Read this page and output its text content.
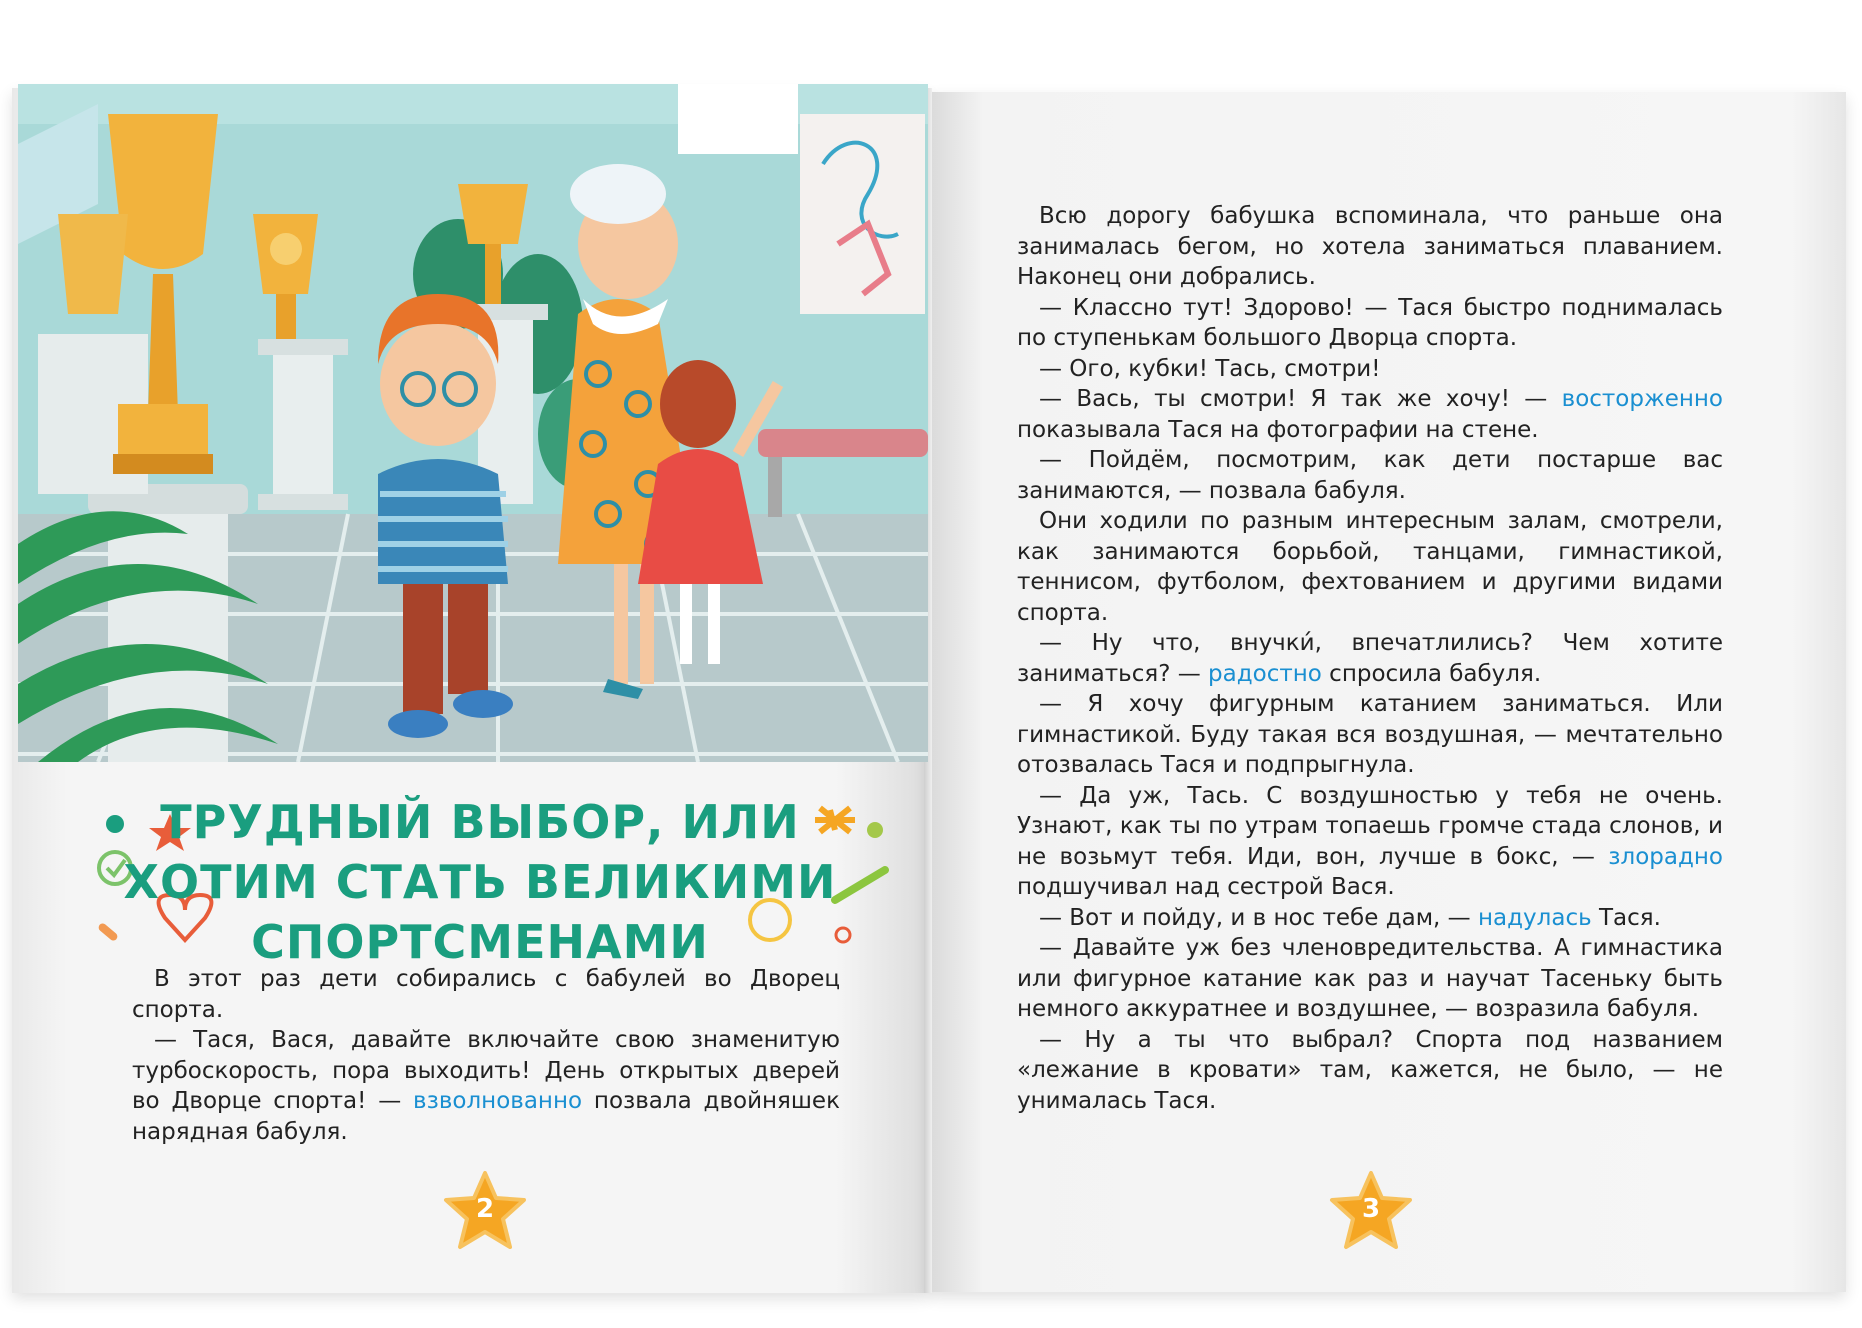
ТРУДНЫЙ ВЫБОР, ИЛИ
ХОТИМ СТАТЬ ВЕЛИКИМИ
СПОРТСМЕНАМИ

В этот раз дети собирались с бабулей во Дворец спорта.

— Тася, Вася, давайте включайте свою знаменитую турбоскорость, пора выходить! День открытых дверей во Дворце спорта! — взволнованно позвала двойняшек нарядная бабуля.

2

Всю дорогу бабушка вспоминала, что раньше она занималась бегом, но хотела заниматься плаванием. Наконец они добрались.

— Классно тут! Здорово! — Тася быстро поднималась по ступенькам большого Дворца спорта.

— Ого, кубки! Тась, смотри!

— Вась, ты смотри! Я так же хочу! — восторженно показывала Тася на фотографии на стене.

— Пойдём, посмотрим, как дети постарше вас занимаются, — позвала бабуля.

Они ходили по разным интересным залам, смотрели, как занимаются борьбой, танцами, гимнастикой, теннисом, футболом, фехтованием и другими видами спорта.

— Ну что, внучки́, впечатлились? Чем хотите заниматься? — радостно спросила бабуля.

— Я хочу фигурным катанием заниматься. Или гимнастикой. Буду такая вся воздушная, — мечтательно отозвалась Тася и подпрыгнула.

— Да уж, Тась. С воздушностью у тебя не очень. Узнают, как ты по утрам топаешь громче стада слонов, и не возьмут тебя. Иди, вон, лучше в бокс, — злорадно подшучивал над сестрой Вася.

— Вот и пойду, и в нос тебе дам, — надулась Тася.

— Давайте уж без членовредительства. А гимнастика или фигурное катание как раз и научат Тасеньку быть немного аккуратнее и воздушнее, — возразила бабуля.

— Ну а ты что выбрал? Спорта под названием «лежание в кровати» там, кажется, не было, — не унималась Тася.

3
